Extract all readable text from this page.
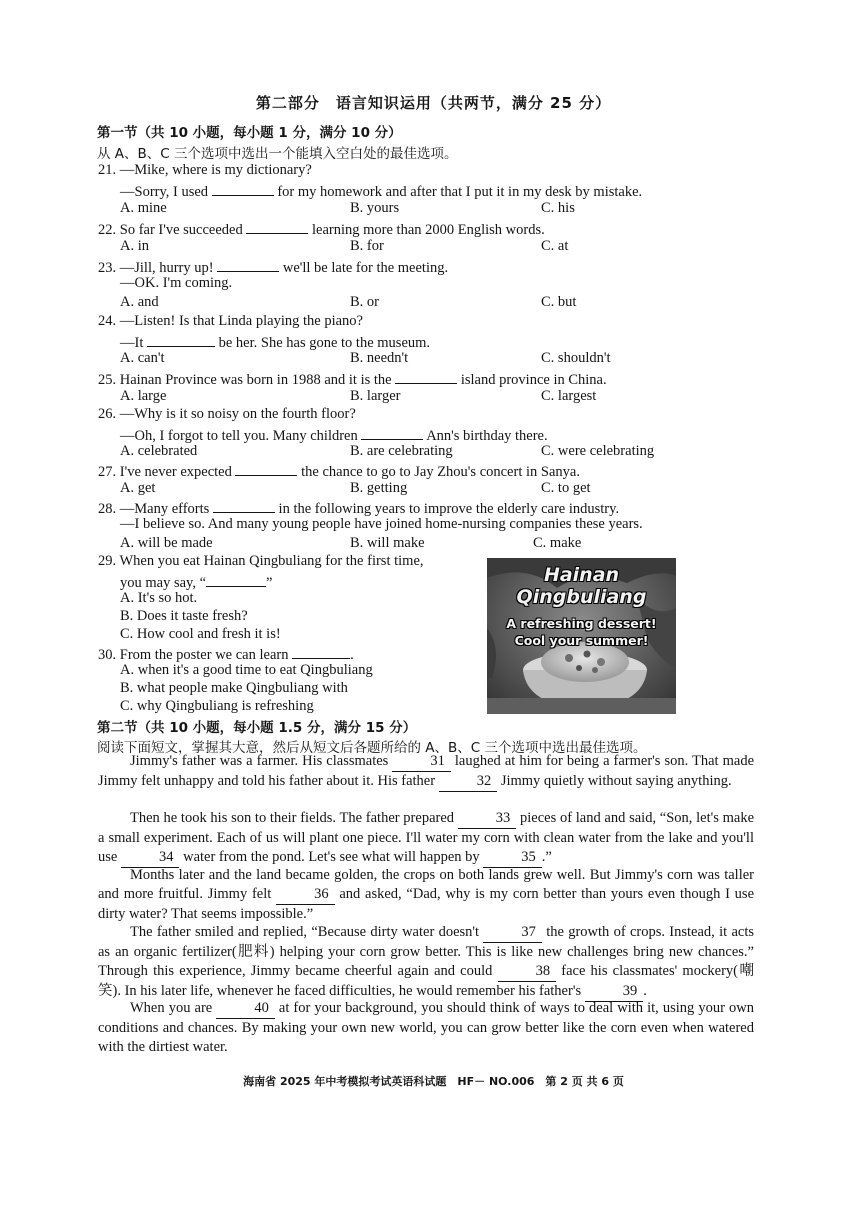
第二部分　语言知识运用（共两节，满分 25 分）
第一节（共 10 小题，每小题 1 分，满分 10 分）
从 A、B、C 三个选项中选出一个能填入空白处的最佳选项。
21. —Mike, where is my dictionary?
—Sorry, I used	for my homework and after that I put it in my desk by mistake.
A. mine	B. yours	C. his
22. So far I've succeeded	learning more than 2000 English words.
A. in	B. for	C. at
23. —Jill, hurry up!	we'll be late for the meeting.
—OK. I'm coming.
A. and	B. or	C. but
24. —Listen! Is that Linda playing the piano?
—It	be her. She has gone to the museum.
A. can't	B. needn't	C. shouldn't
25. Hainan Province was born in 1988 and it is the	island province in China.
A. large	B. larger	C. largest
26. —Why is it so noisy on the fourth floor?
—Oh, I forgot to tell you. Many children	Ann's birthday there.
A. celebrated	B. are celebrating	C. were celebrating
27. I've never expected	the chance to go to Jay Zhou's concert in Sanya.
A. get	B. getting	C. to get
28. —Many efforts	in the following years to improve the elderly care industry.
—I believe so. And many young people have joined home-nursing companies these years.
A. will be made	B. will make	C. make
29. When you eat Hainan Qingbuliang for the first time,
you may say, “	”
A. It's so hot.
B. Does it taste fresh?
C. How cool and fresh it is!
30. From the poster we can learn	.
A. when it's a good time to eat Qingbuliang
B. what people make Qingbuliang with
C. why Qingbuliang is refreshing
Hainan
Qingbuliang
A refreshing dessert!
Cool your summer!
第二节（共 10 小题，每小题 1.5 分，满分 15 分）
阅读下面短文，掌握其大意，然后从短文后各题所给的 A、B、C 三个选项中选出最佳选项。
Jimmy's father was a farmer. His classmates	31 laughed at him for being a farmer's son. That made Jimmy felt unhappy and told his father about it. His father	32 Jimmy quietly without saying anything.
Then he took his son to their fields. The father prepared	33 pieces of land and said, “Son, let's make a small experiment. Each of us will plant one piece. I'll water my corn with clean water from the lake and you'll use	34 water from the pond. Let's see what will happen by	35 .”
Months later and the land became golden, the crops on both lands grew well. But Jimmy's corn was taller and more fruitful. Jimmy felt	36 and asked, “Dad, why is my corn better than yours even though I use dirty water? That seems impossible.”
The father smiled and replied, “Because dirty water doesn't	37 the growth of crops. Instead, it acts as an organic fertilizer(肥料) helping your corn grow better. This is like new challenges bring new chances.” Through this experience, Jimmy became cheerful again and could	38 face his classmates' mockery(嘲笑). In his later life, whenever he faced difficulties, he would remember his father's	39 .
When you are	40 at for your background, you should think of ways to deal with it, using your own conditions and chances. By making your own new world, you can grow better like the corn even when watered with the dirtiest water.
海南省 2025 年中考模拟考试英语科试题　HF－ NO.006　第 2 页 共 6 页
